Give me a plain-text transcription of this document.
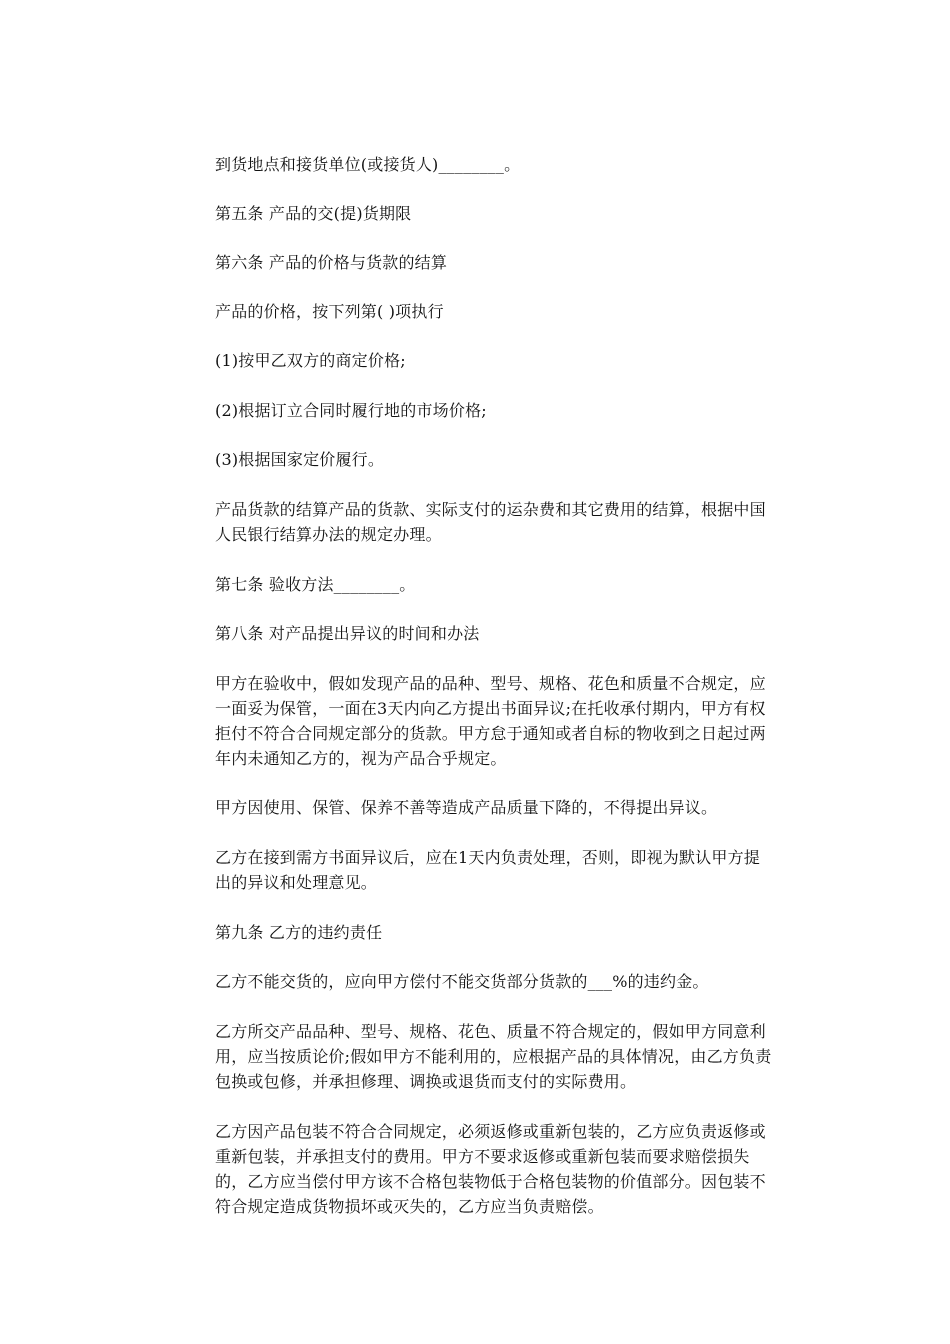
到货地点和接货单位(或接货人)________。

第五条 产品的交(提)货期限

第六条 产品的价格与货款的结算

产品的价格，按下列第( )项执行

(1)按甲乙双方的商定价格;

(2)根据订立合同时履行地的市场价格;

(3)根据国家定价履行。

产品货款的结算产品的货款、实际支付的运杂费和其它费用的结算，根据中国人民银行结算办法的规定办理。

第七条 验收方法________。

第八条 对产品提出异议的时间和办法

甲方在验收中，假如发现产品的品种、型号、规格、花色和质量不合规定，应一面妥为保管，一面在3天内向乙方提出书面异议;在托收承付期内，甲方有权拒付不符合合同规定部分的货款。甲方怠于通知或者自标的物收到之日起过两年内未通知乙方的，视为产品合乎规定。

甲方因使用、保管、保养不善等造成产品质量下降的，不得提出异议。

乙方在接到需方书面异议后，应在1天内负责处理，否则，即视为默认甲方提出的异议和处理意见。

第九条 乙方的违约责任

乙方不能交货的，应向甲方偿付不能交货部分货款的___%的违约金。

乙方所交产品品种、型号、规格、花色、质量不符合规定的，假如甲方同意利用，应当按质论价;假如甲方不能利用的，应根据产品的具体情况，由乙方负责包换或包修，并承担修理、调换或退货而支付的实际费用。

乙方因产品包装不符合合同规定，必须返修或重新包装的，乙方应负责返修或重新包装，并承担支付的费用。甲方不要求返修或重新包装而要求赔偿损失的，乙方应当偿付甲方该不合格包装物低于合格包装物的价值部分。因包装不符合规定造成货物损坏或灭失的，乙方应当负责赔偿。
